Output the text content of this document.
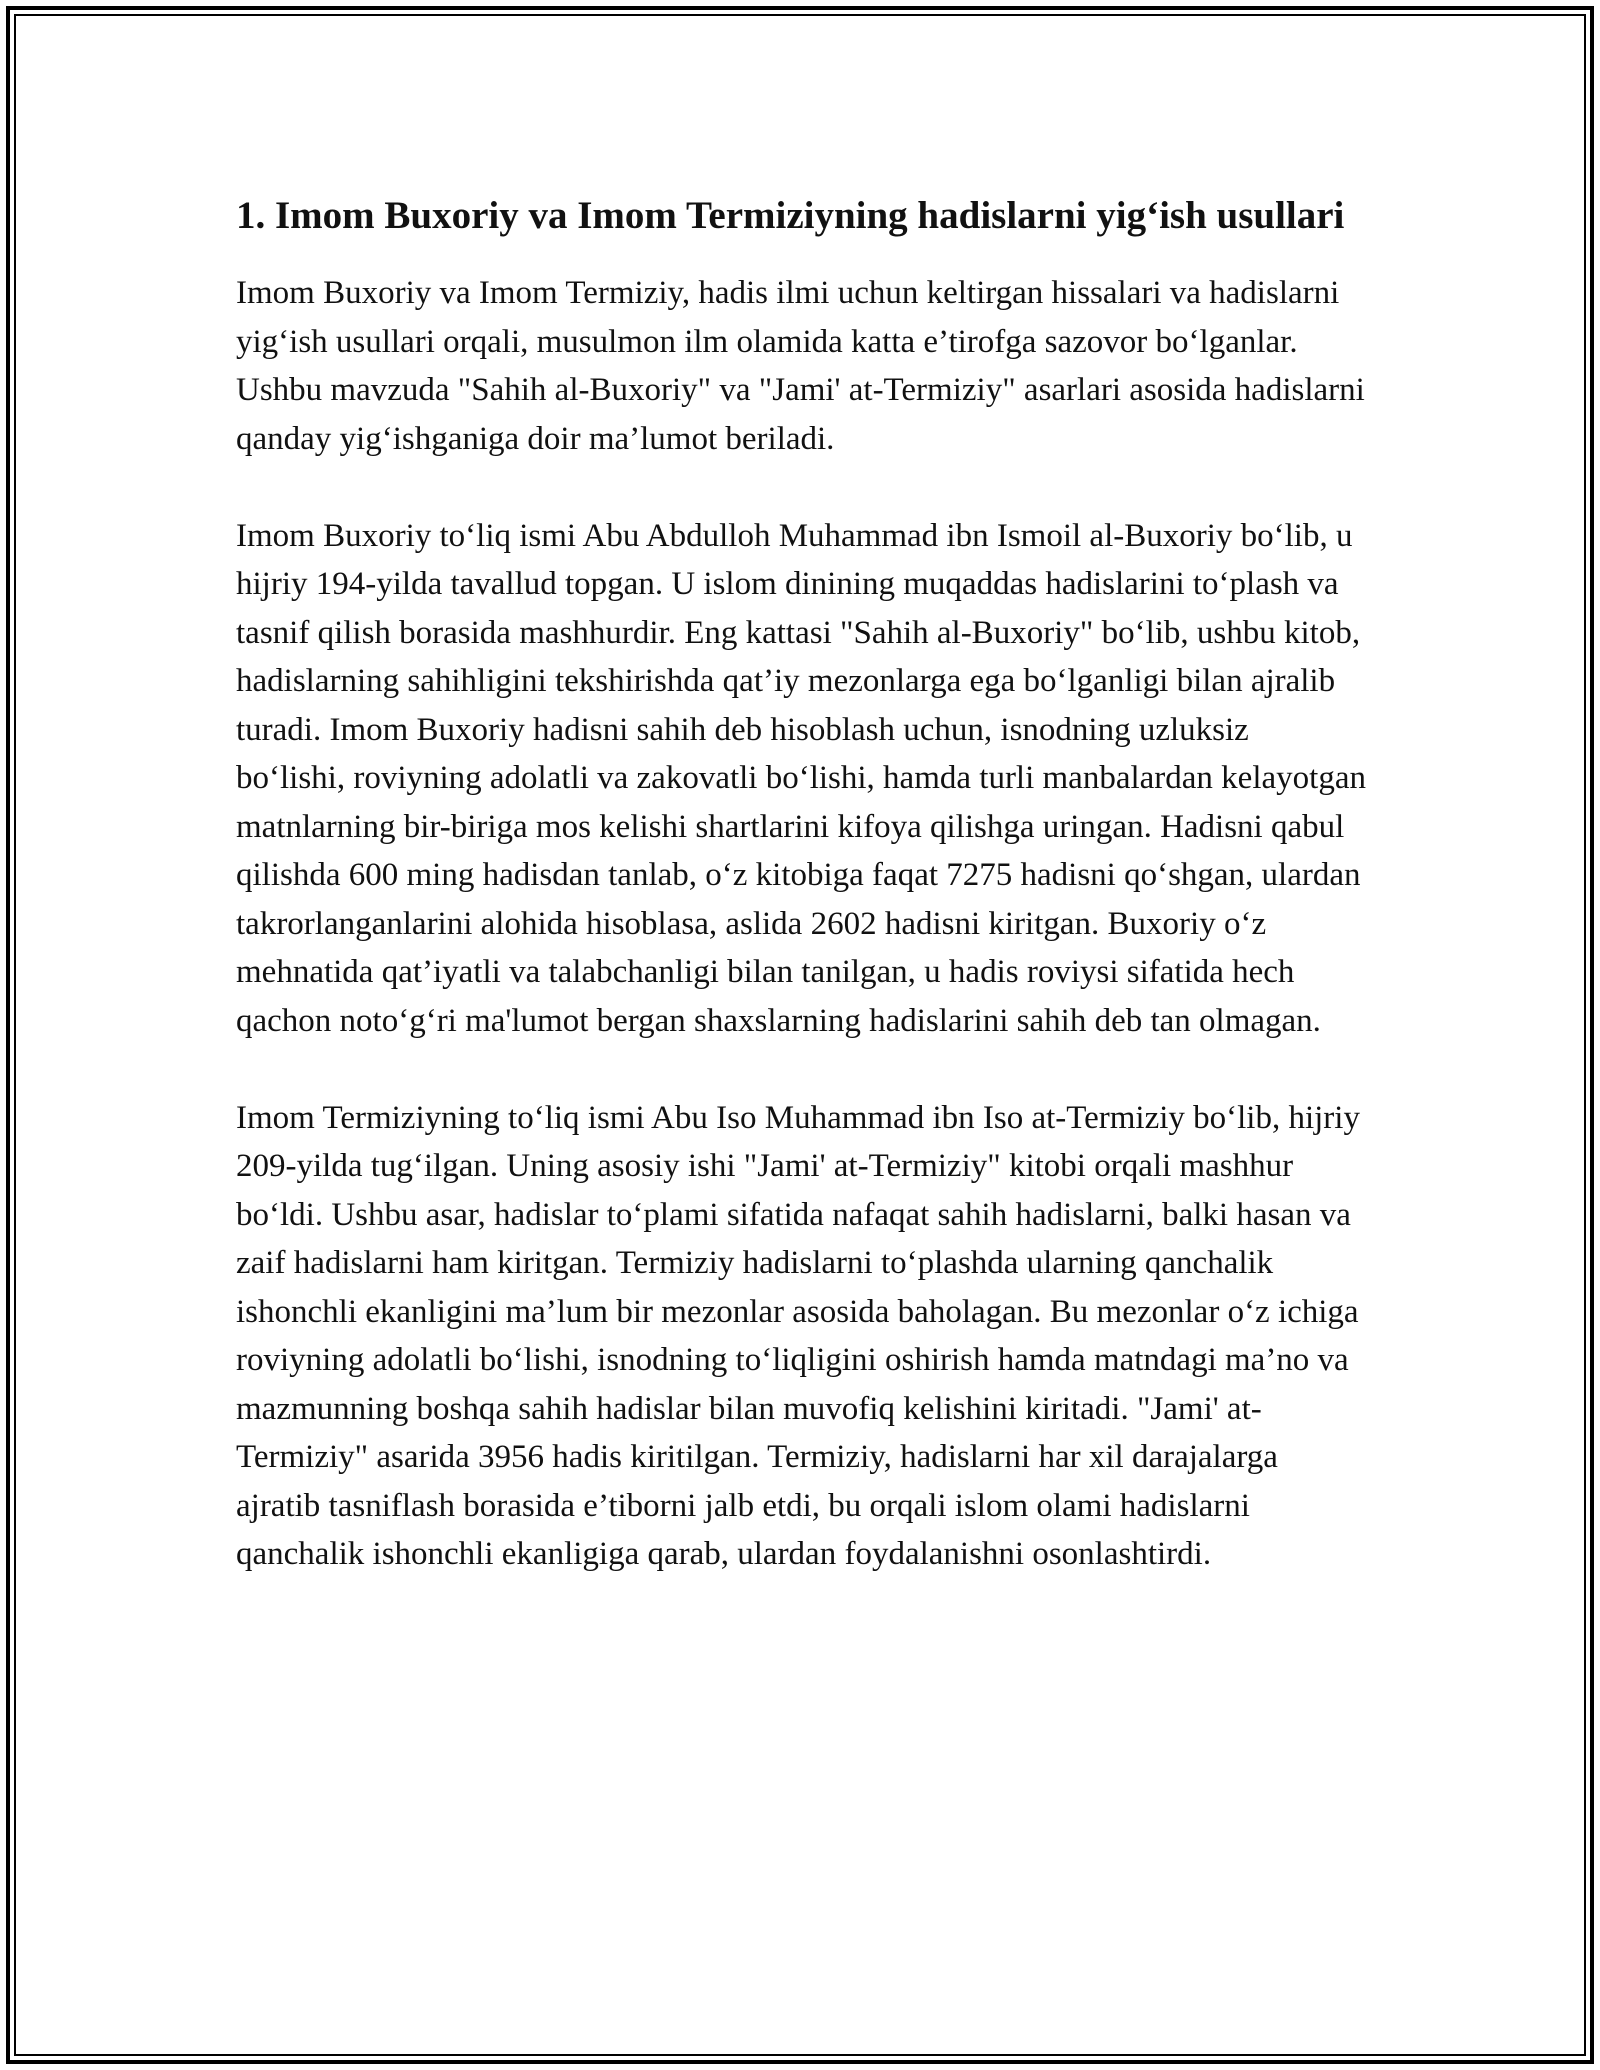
1. Imom Buxoriy va Imom Termiziyning hadislarni yig‘ish usullari

Imom Buxoriy va Imom Termiziy, hadis ilmi uchun keltirgan hissalari va hadislarni yig‘ish usullari orqali, musulmon ilm olamida katta e’tirofga sazovor bo‘lganlar. Ushbu mavzuda "Sahih al-Buxoriy" va "Jami' at-Termiziy" asarlari asosida hadislarni qanday yig‘ishganiga doir ma’lumot beriladi.

Imom Buxoriy to‘liq ismi Abu Abdulloh Muhammad ibn Ismoil al-Buxoriy bo‘lib, u hijriy 194-yilda tavallud topgan. U islom dinining muqaddas hadislarini to‘plash va tasnif qilish borasida mashhurdir. Eng kattasi "Sahih al-Buxoriy" bo‘lib, ushbu kitob, hadislarning sahihligini tekshirishda qat’iy mezonlarga ega bo‘lganligi bilan ajralib turadi. Imom Buxoriy hadisni sahih deb hisoblash uchun, isnodning uzluksiz bo‘lishi, roviyning adolatli va zakovatli bo‘lishi, hamda turli manbalardan kelayotgan matnlarning bir-biriga mos kelishi shartlarini kifoya qilishga uringan. Hadisni qabul qilishda 600 ming hadisdan tanlab, o‘z kitobiga faqat 7275 hadisni qo‘shgan, ulardan takrorlanganlarini alohida hisoblasa, aslida 2602 hadisni kiritgan. Buxoriy o‘z mehnatida qat’iyatli va talabchanligi bilan tanilgan, u hadis roviysi sifatida hech qachon noto‘g‘ri ma'lumot bergan shaxslarning hadislarini sahih deb tan olmagan.

Imom Termiziyning to‘liq ismi Abu Iso Muhammad ibn Iso at-Termiziy bo‘lib, hijriy 209-yilda tug‘ilgan. Uning asosiy ishi "Jami' at-Termiziy" kitobi orqali mashhur bo‘ldi. Ushbu asar, hadislar to‘plami sifatida nafaqat sahih hadislarni, balki hasan va zaif hadislarni ham kiritgan. Termiziy hadislarni to‘plashda ularning qanchalik ishonchli ekanligini ma’lum bir mezonlar asosida baholagan. Bu mezonlar o‘z ichiga roviyning adolatli bo‘lishi, isnodning to‘liqligini oshirish hamda matndagi ma’no va mazmunning boshqa sahih hadislar bilan muvofiq kelishini kiritadi. "Jami' at-Termiziy" asarida 3956 hadis kiritilgan. Termiziy, hadislarni har xil darajalarga ajratib tasniflash borasida e’tiborni jalb etdi, bu orqali islom olami hadislarni qanchalik ishonchli ekanligiga qarab, ulardan foydalanishni osonlashtirdi.
